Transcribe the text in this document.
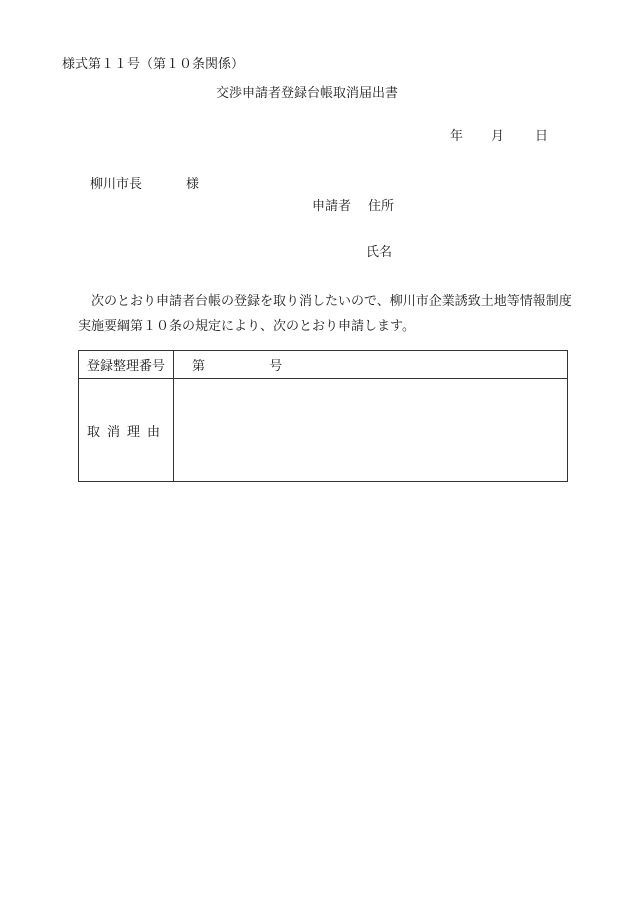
様式第１１号（第１０条関係）
交渉申請者登録台帳取消届出書
年 月 日
柳川市長	様
申請者 住所
氏名

次のとおり申請者台帳の登録を取り消したいので、柳川市企業誘致土地等情報制度実施要綱第１０条の規定により、次のとおり申請します。

登録整理番号	第 号
取消理由	
